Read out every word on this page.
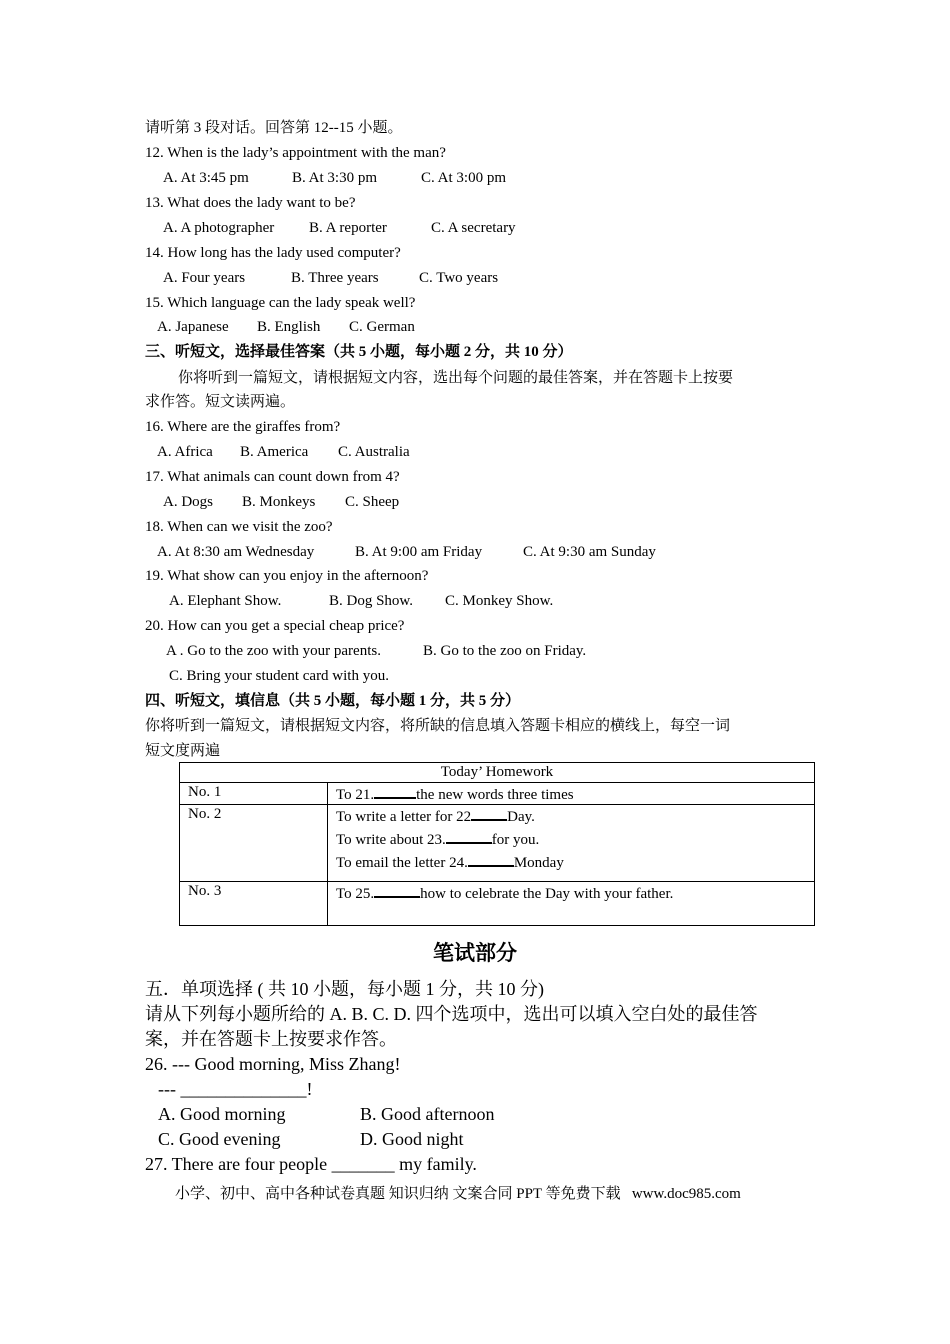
请听第 3 段对话。回答第 12--15 小题。
12. When is the lady’s appointment with the man?
A. At 3:45 pm	B. At 3:30 pm	C. At 3:00 pm
13. What does the lady want to be?
A. A photographer B. A reporter	C. A secretary
14. How long has the lady used computer?
A. Four years	B. Three years	C. Two years
15. Which language can the lady speak well?
A. Japanese B. English C. German
三、听短文，选择最佳答案（共 5 小题，每小题 2 分，共 10 分）
你将听到一篇短文，请根据短文内容，选出每个问题的最佳答案，并在答题卡上按要
求作答。短文读两遍。
16. Where are the giraffes from?
A. Africa B. America C. Australia
17. What animals can count down from 4?
A. Dogs B. Monkeys C. Sheep
18. When can we visit the zoo?
A. At 8:30 am Wednesday	B. At 9:00 am Friday	C. At 9:30 am Sunday
19. What show can you enjoy in the afternoon?
A. Elephant Show.	B. Dog Show. C. Monkey Show.
20. How can you get a special cheap price?
A . Go to the zoo with your parents.	B. Go to the zoo on Friday.
C. Bring your student card with you.
四、听短文，填信息（共 5 小题，每小题 1 分，共 5 分）
你将听到一篇短文，请根据短文内容，将所缺的信息填入答题卡相应的横线上，每空一词
短文度两遍
Today’ Homework	
No. 1	To 21. the new words three times
No. 2	To write a letter for 22 Day.
To write about 23. for you.
To email the letter 24. Monday

No. 3	To 25. how to celebrate the Day with your father.
笔试部分
五．单项选择 ( 共 10 小题，每小题 1 分，共 10 分)
请从下列每小题所给的 A. B. C. D. 四个选项中，选出可以填入空白处的最佳答
案，并在答题卡上按要求作答。
26. --- Good morning, Miss Zhang!
--- ______________!
A. Good morning	B. Good afternoon
C. Good evening	D. Good night
27. There are four people _______ my family.
小学、初中、高中各种试卷真题 知识归纳 文案合同 PPT 等免费下载   www.doc985.com
